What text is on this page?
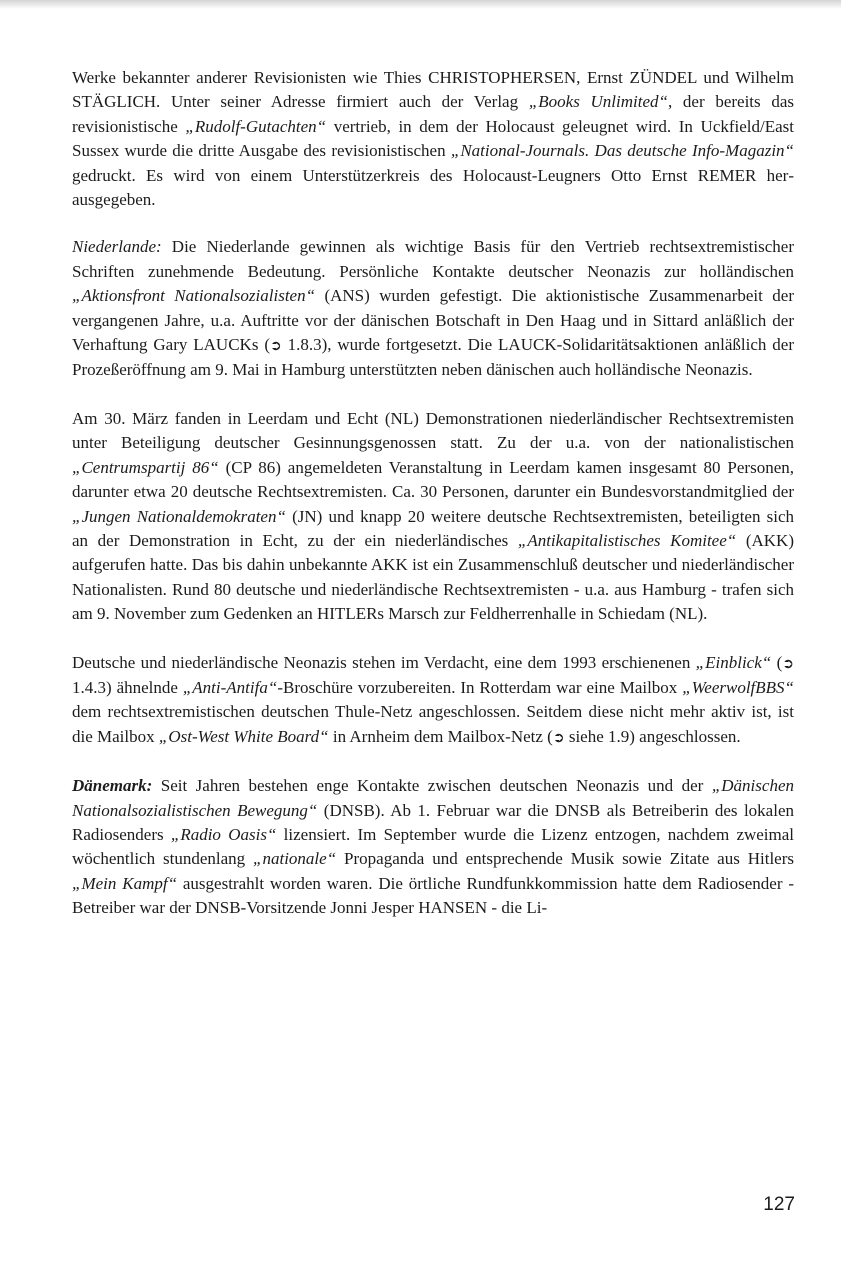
Werke bekannter anderer Revisionisten wie Thies CHRISTOPHERSEN, Ernst ZÜNDEL und Wilhelm STÄGLICH. Unter seiner Adresse firmiert auch der Verlag „Books Unlimited“, der bereits das revisionistische „Rudolf-Gutachten“ vertrieb, in dem der Holocaust geleugnet wird. In Uckfield/East Sussex wurde die dritte Ausgabe des revisionistischen „National-Journals. Das deutsche Info-Magazin“ gedruckt. Es wird von einem Unterstützerkreis des Holocaust-Leugners Otto Ernst REMER herausgegeben.

Niederlande: Die Niederlande gewinnen als wichtige Basis für den Vertrieb rechtsextremistischer Schriften zunehmende Bedeutung. Persönliche Kontakte deutscher Neonazis zur holländischen „Aktionsfront Nationalsozialisten“ (ANS) wurden gefestigt. Die aktionistische Zusammenarbeit der vergangenen Jahre, u.a. Auftritte vor der dänischen Botschaft in Den Haag und in Sittard anläßlich der Verhaftung Gary LAUCKs (➲ 1.8.3), wurde fortgesetzt. Die LAUCK-Solidaritätsaktionen anläßlich der Prozeßeröffnung am 9. Mai in Hamburg unterstützten neben dänischen auch holländische Neonazis.

Am 30. März fanden in Leerdam und Echt (NL) Demonstrationen niederländischer Rechtsextremisten unter Beteiligung deutscher Gesinnungsgenossen statt. Zu der u.a. von der nationalistischen „Centrumspartij 86“ (CP 86) angemeldeten Veranstaltung in Leerdam kamen insgesamt 80 Personen, darunter etwa 20 deutsche Rechtsextremisten. Ca. 30 Personen, darunter ein Bundesvorstandmitglied der „Jungen Nationaldemokraten“ (JN) und knapp 20 weitere deutsche Rechtsextremisten, beteiligten sich an der Demonstration in Echt, zu der ein niederländisches „Antikapitalistisches Komitee“ (AKK) aufgerufen hatte. Das bis dahin unbekannte AKK ist ein Zusammenschluß deutscher und niederländischer Nationalisten. Rund 80 deutsche und niederländische Rechtsextremisten - u.a. aus Hamburg - trafen sich am 9. November zum Gedenken an HITLERs Marsch zur Feldherrenhalle in Schiedam (NL).

Deutsche und niederländische Neonazis stehen im Verdacht, eine dem 1993 erschienenen „Einblick“ (➲ 1.4.3) ähnelnde „Anti-Antifa“-Broschüre vorzubereiten. In Rotterdam war eine Mailbox „WeerwolfBBS“ dem rechtsextremistischen deutschen Thule-Netz angeschlossen. Seitdem diese nicht mehr aktiv ist, ist die Mailbox „Ost-West White Board“ in Arnheim dem Mailbox-Netz (➲ siehe 1.9) angeschlossen.

Dänemark: Seit Jahren bestehen enge Kontakte zwischen deutschen Neonazis und der „Dänischen Nationalsozialistischen Bewegung“ (DNSB). Ab 1. Februar war die DNSB als Betreiberin des lokalen Radiosenders „Radio Oasis“ lizensiert. Im September wurde die Lizenz entzogen, nachdem zweimal wöchentlich stundenlang „nationale“ Propaganda und entsprechende Musik sowie Zitate aus Hitlers „Mein Kampf“ ausgestrahlt worden waren. Die örtliche Rundfunkkommission hatte dem Radiosender - Betreiber war der DNSB-Vorsitzende Jonni Jesper HANSEN - die Li-

127
